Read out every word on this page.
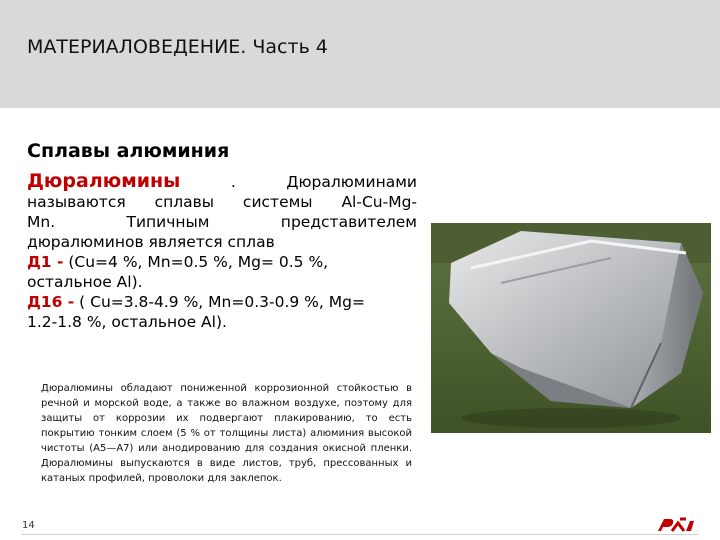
МАТЕРИАЛОВЕДЕНИЕ. Часть 4
Сплавы алюминия
Дюралюмины	.	Дюралюминами
называются сплавы системы Al-Cu-Mg-
Mn. Типичным представителем
дюралюминов является сплав
Д1 - (Cu=4 %, Mn=0.5 %, Mg= 0.5 %,
остальное Al).
Д16 - ( Cu=3.8-4.9 %, Mn=0.3-0.9 %, Mg=
1.2-1.8 %, остальное Al).
Дюралюмины обладают пониженной коррозионной стойкостью в речной и морской воде, а также во влажном воздухе, поэтому для защиты от коррозии их подвергают плакированию, то есть покрытию тонким слоем (5 % от толщины листа) алюминия высокой чистоты (А5—А7) или анодированию для создания окисной пленки. Дюралюмины выпускаются в виде листов, труб, прессованных и катаных профилей, проволоки для заклепок.
14
